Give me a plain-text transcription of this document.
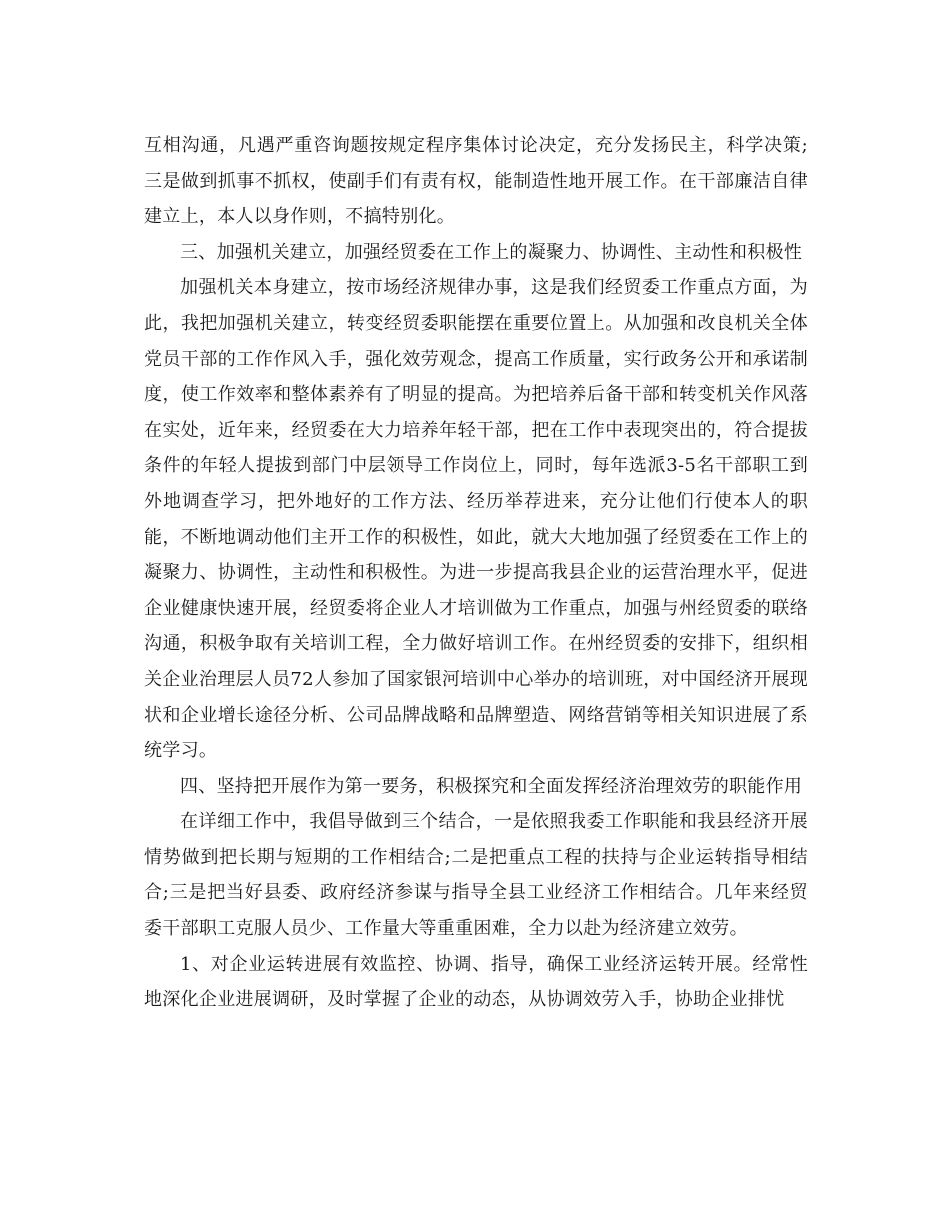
互相沟通，凡遇严重咨询题按规定程序集体讨论决定，充分发扬民主，科学决策;三是做到抓事不抓权，使副手们有责有权，能制造性地开展工作。在干部廉洁自律建立上，本人以身作则，不搞特别化。

三、加强机关建立，加强经贸委在工作上的凝聚力、协调性、主动性和积极性

加强机关本身建立，按市场经济规律办事，这是我们经贸委工作重点方面，为此，我把加强机关建立，转变经贸委职能摆在重要位置上。从加强和改良机关全体党员干部的工作作风入手，强化效劳观念，提高工作质量，实行政务公开和承诺制度，使工作效率和整体素养有了明显的提高。为把培养后备干部和转变机关作风落在实处，近年来，经贸委在大力培养年轻干部，把在工作中表现突出的，符合提拔条件的年轻人提拔到部门中层领导工作岗位上，同时，每年选派3-5名干部职工到外地调查学习，把外地好的工作方法、经历举荐进来，充分让他们行使本人的职能，不断地调动他们主开工作的积极性，如此，就大大地加强了经贸委在工作上的凝聚力、协调性，主动性和积极性。为进一步提高我县企业的运营治理水平，促进企业健康快速开展，经贸委将企业人才培训做为工作重点，加强与州经贸委的联络沟通，积极争取有关培训工程，全力做好培训工作。在州经贸委的安排下，组织相关企业治理层人员72人参加了国家银河培训中心举办的培训班，对中国经济开展现状和企业增长途径分析、公司品牌战略和品牌塑造、网络营销等相关知识进展了系统学习。

四、坚持把开展作为第一要务，积极探究和全面发挥经济治理效劳的职能作用

在详细工作中，我倡导做到三个结合，一是依照我委工作职能和我县经济开展情势做到把长期与短期的工作相结合;二是把重点工程的扶持与企业运转指导相结合;三是把当好县委、政府经济参谋与指导全县工业经济工作相结合。几年来经贸委干部职工克服人员少、工作量大等重重困难，全力以赴为经济建立效劳。

1、对企业运转进展有效监控、协调、指导，确保工业经济运转开展。经常性地深化企业进展调研，及时掌握了企业的动态，从协调效劳入手，协助企业排忧
